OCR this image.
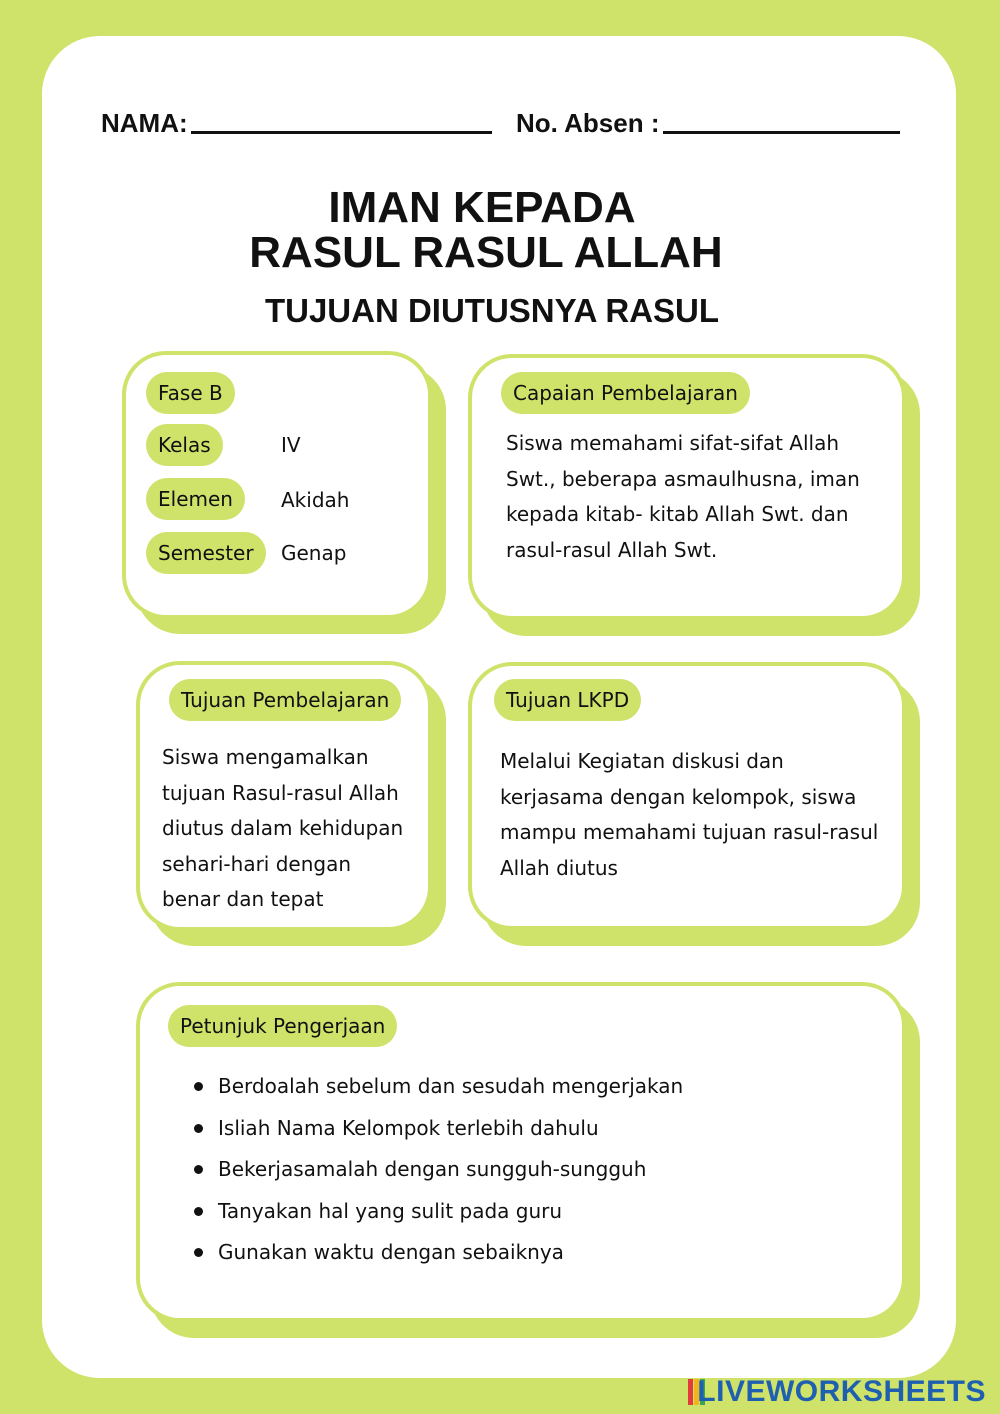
NAMA:	No. Absen :
IMAN KEPADA
RASUL RASUL ALLAH
TUJUAN DIUTUSNYA RASUL
Fase B
Kelas	IV
Elemen	Akidah
Semester	Genap
Capaian Pembelajaran
Siswa memahami sifat-sifat Allah
Swt., beberapa asmaulhusna, iman
kepada kitab- kitab Allah Swt. dan
rasul-rasul Allah Swt.
Tujuan Pembelajaran
Siswa mengamalkan
tujuan Rasul-rasul Allah
diutus dalam kehidupan
sehari-hari dengan
benar dan tepat
Tujuan LKPD
Melalui Kegiatan diskusi dan
kerjasama dengan kelompok, siswa
mampu memahami tujuan rasul-rasul
Allah diutus
Petunjuk Pengerjaan
Berdoalah sebelum dan sesudah mengerjakan
Isliah Nama Kelompok terlebih dahulu
Bekerjasamalah dengan sungguh-sungguh
Tanyakan hal yang sulit pada guru
Gunakan waktu dengan sebaiknya
LIVEWORKSHEETS
